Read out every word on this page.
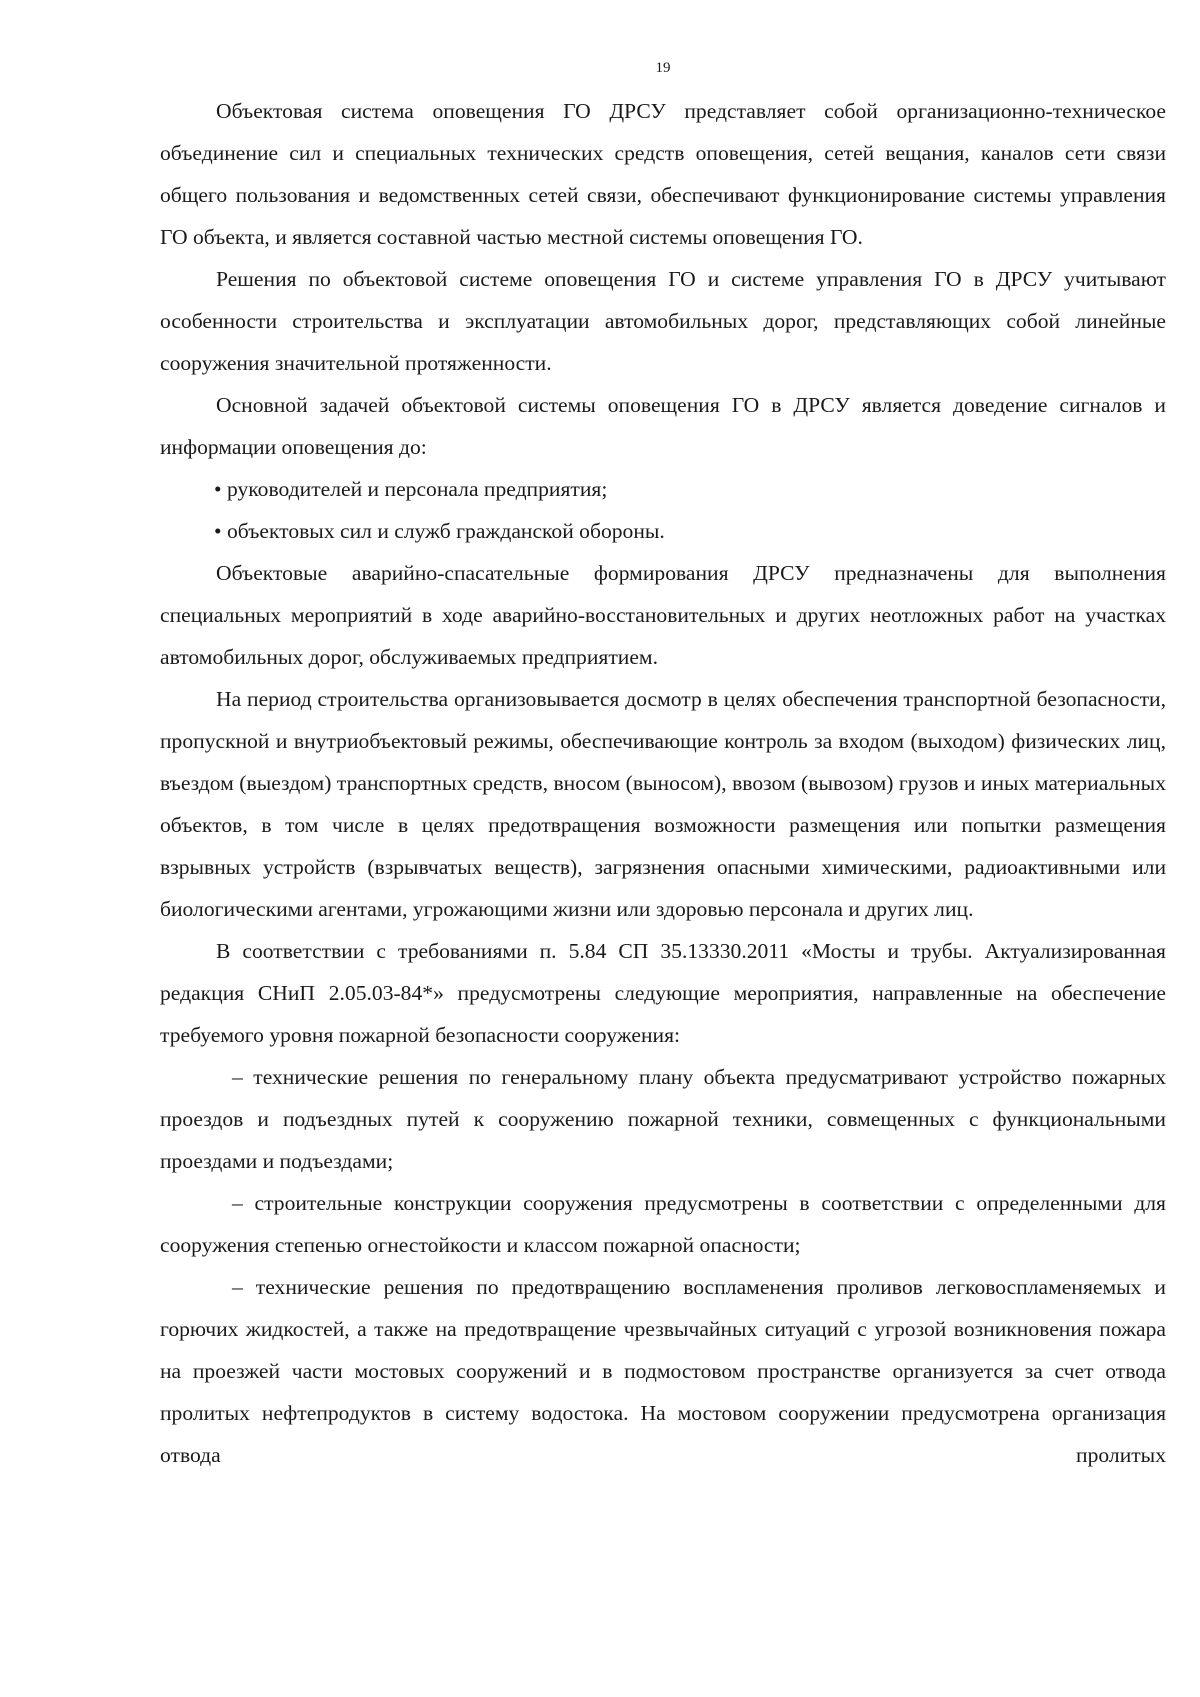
19

Объектовая система оповещения ГО ДРСУ представляет собой организационно-техническое объединение сил и специальных технических средств оповещения, сетей вещания, каналов сети связи общего пользования и ведомственных сетей связи, обеспечивают функционирование системы управления ГО объекта, и является составной частью местной системы оповещения ГО.

Решения по объектовой системе оповещения ГО и системе управления ГО в ДРСУ учитывают особенности строительства и эксплуатации автомобильных дорог, представляющих собой линейные сооружения значительной протяженности.

Основной задачей объектовой системы оповещения ГО в ДРСУ является доведение сигналов и информации оповещения до:

• руководителей и персонала предприятия;

• объектовых сил и служб гражданской обороны.

Объектовые аварийно-спасательные формирования ДРСУ предназначены для выполнения специальных мероприятий в ходе аварийно-восстановительных и других неотложных работ на участках автомобильных дорог, обслуживаемых предприятием.

На период строительства организовывается досмотр в целях обеспечения транспортной безопасности, пропускной и внутриобъектовый режимы, обеспечивающие контроль за входом (выходом) физических лиц, въездом (выездом) транспортных средств, вносом (выносом), ввозом (вывозом) грузов и иных материальных объектов, в том числе в целях предотвращения возможности размещения или попытки размещения взрывных устройств (взрывчатых веществ), загрязнения опасными химическими, радиоактивными или биологическими агентами, угрожающими жизни или здоровью персонала и других лиц.

В соответствии с требованиями п. 5.84 СП 35.13330.2011 «Мосты и трубы. Актуализированная редакция СНиП 2.05.03-84*» предусмотрены следующие мероприятия, направленные на обеспечение требуемого уровня пожарной безопасности сооружения:

– технические решения по генеральному плану объекта предусматривают устройство пожарных проездов и подъездных путей к сооружению пожарной техники, совмещенных с функциональными проездами и подъездами;

– строительные конструкции сооружения предусмотрены в соответствии с определенными для сооружения степенью огнестойкости и классом пожарной опасности;

– технические решения по предотвращению воспламенения проливов легковоспламеняемых и горючих жидкостей, а также на предотвращение чрезвычайных ситуаций с угрозой возникновения пожара на проезжей части мостовых сооружений и в подмостовом пространстве организуется за счет отвода пролитых нефтепродуктов в систему водостока. На мостовом сооружении предусмотрена организация отвода пролитых
